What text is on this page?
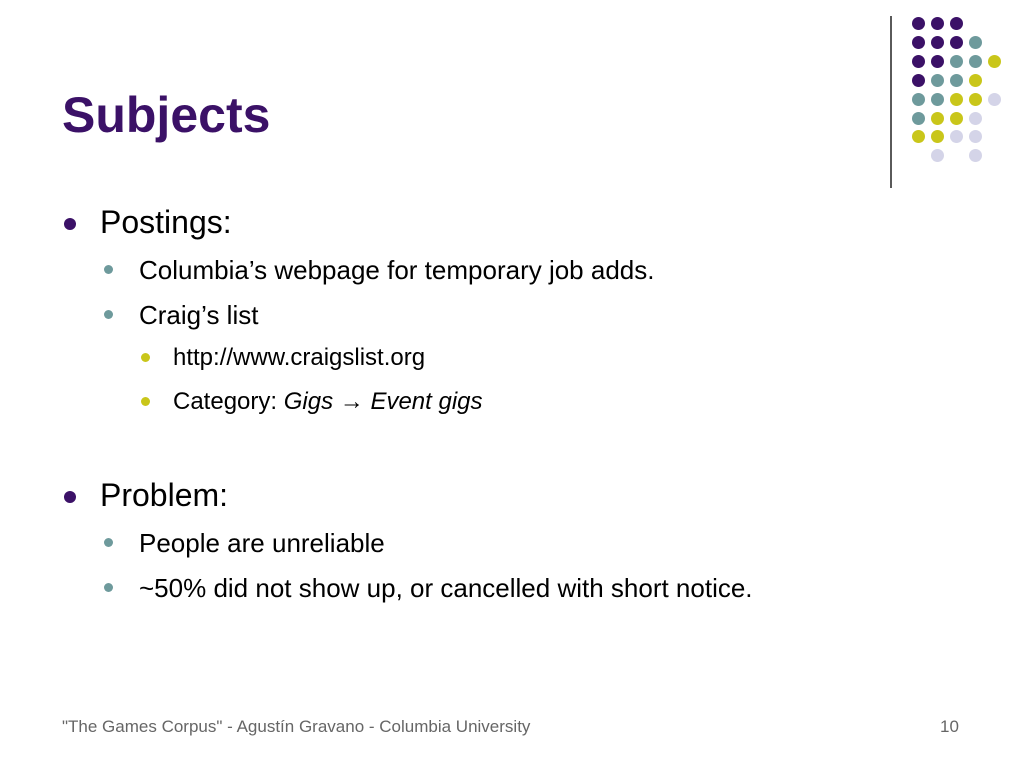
Subjects
Postings:
Columbia’s webpage for temporary job adds.
Craig’s list
http://www.craigslist.org
Category: Gigs → Event gigs
Problem:
People are unreliable
~50% did not show up, or cancelled with short notice.
"The Games Corpus" - Agustín Gravano - Columbia University	10
